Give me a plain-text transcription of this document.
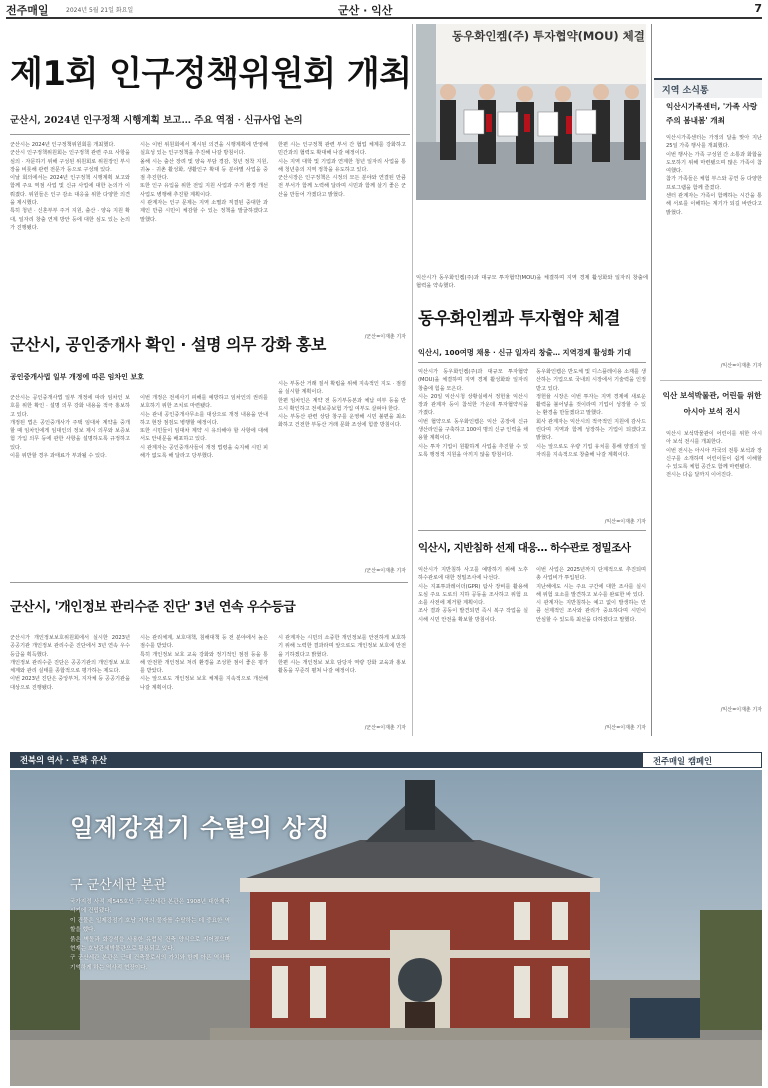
전주매일	2024년 5월 21일 화요일	군산 · 익산	7
제1회 인구정책위원회 개최
군산시, 2024년 인구정책 시행계획 보고… 주요 역점 · 신규사업 논의
군산시는 2024년 인구정책위원회를 개최했다.
군산시 인구정책위원회는 인구정책 관련 주요 사항을 심의 · 자문하기 위해 구성된 위원회로 위원장인 부시장을 비롯해 관련 전문가 등으로 구성돼 있다.
이날 회의에서는 2024년 인구정책 시행계획 보고와 함께 주요 역점 사업 및 신규 사업에 대한 논의가 이뤄졌다. 위원들은 인구 감소 대응을 위한 다양한 의견을 제시했다.
특히 청년 · 신혼부부 주거 지원, 출산 · 양육 지원 확대, 일자리 창출 연계 방안 등에 대한 심도 있는 논의가 진행됐다.
시는 이번 위원회에서 제시된 의견을 시행계획에 반영해 실효성 있는 인구정책을 추진해 나갈 방침이다.
올해 시는 출산 장려 및 양육 부담 경감, 청년 정착 지원, 귀농 · 귀촌 활성화, 생활인구 확대 등 분야별 사업을 중점 추진한다.
또한 인구 유입을 위한 전입 지원 사업과 주거 환경 개선 사업도 병행해 추진할 계획이다.
시 관계자는 인구 문제는 지역 소멸과 직결된 중대한 과제인 만큼 시민이 체감할 수 있는 정책을 발굴하겠다고 말했다.
한편 시는 인구정책 관련 부서 간 협업 체계를 강화하고 민간과의 협력도 확대해 나갈 예정이다.
시는 지역 대학 및 기업과 연계한 청년 일자리 사업을 통해 청년층의 지역 정착을 유도하고 있다.
군산시장은 인구정책은 시정의 모든 분야와 연결된 만큼 전 부서가 함께 노력해 달라며 시민과 함께 살기 좋은 군산을 만들어 가겠다고 밝혔다.
/군산=이재춘 기자
동우화인켐(주) 투자협약(MOU) 체결
익산시가 동우화인켐(주)과 대규모 투자협약(MOU)을 체결하며 지역 경제 활성화와 일자리 창출에 협력을 약속했다.
동우화인켐과 투자협약 체결
익산시, 100여명 채용 · 신규 일자리 창출… 지역경제 활성화 기대
익산시가 동우화인켐(주)과 대규모 투자협약(MOU)을 체결하며 지역 경제 활성화와 일자리 창출에 힘을 모은다.
시는 20일 익산시청 상황실에서 정헌율 익산시장과 관계자 등이 참석한 가운데 투자협약식을 가졌다.
이번 협약으로 동우화인켐은 익산 공장에 신규 생산라인을 구축하고 100여 명의 신규 인력을 채용할 계획이다.
시는 투자 기업이 원활하게 사업을 추진할 수 있도록 행정적 지원을 아끼지 않을 방침이다.
동우화인켐은 반도체 및 디스플레이용 소재를 생산하는 기업으로 국내외 시장에서 기술력을 인정받고 있다.
정헌율 시장은 이번 투자는 지역 경제에 새로운 활력을 불어넣을 것이라며 기업이 성장할 수 있는 환경을 만들겠다고 말했다.
회사 관계자는 익산시의 적극적인 지원에 감사드린다며 지역과 함께 성장하는 기업이 되겠다고 밝혔다.
시는 앞으로도 우량 기업 유치를 통해 양질의 일자리를 지속적으로 창출해 나갈 계획이다.
/익산=이재춘 기자
군산시, 공인중개사 확인 · 설명 의무 강화 홍보
공인중개사법 일부 개정에 따른 임차인 보호
군산시는 공인중개사법 일부 개정에 따라 임차인 보호를 위한 확인 · 설명 의무 강화 내용을 적극 홍보하고 있다.
개정된 법은 공인중개사가 주택 임대차 계약을 중개할 때 임차인에게 임대인의 정보 제시 의무와 보증보험 가입 의무 등에 관한 사항을 설명하도록 규정하고 있다.
이를 위반할 경우 과태료가 부과될 수 있다.
이번 개정은 전세사기 피해를 예방하고 임차인의 권리를 보호하기 위한 조치로 마련됐다.
시는 관내 공인중개사무소를 대상으로 개정 내용을 안내하고 현장 점검도 병행할 예정이다.
또한 시민들이 임대차 계약 시 유의해야 할 사항에 대해서도 안내문을 배포하고 있다.
시 관계자는 공인중개사들이 개정 법령을 숙지해 시민 피해가 없도록 해 달라고 당부했다.
시는 부동산 거래 질서 확립을 위해 지속적인 지도 · 점검을 실시할 계획이다.
한편 임차인은 계약 전 등기부등본과 체납 여부 등을 반드시 확인하고 전세보증보험 가입 여부도 살펴야 한다.
시는 부동산 관련 상담 창구를 운영해 시민 불편을 최소화하고 건전한 부동산 거래 문화 조성에 힘쓸 방침이다.
/군산=이재춘 기자
익산시, 지반침하 선제 대응… 하수관로 정밀조사
익산시가 지반침하 사고를 예방하기 위해 노후 하수관로에 대한 정밀조사에 나선다.
시는 지표투과레이더(GPR) 탐사 장비를 활용해 도심 주요 도로의 지하 공동을 조사하고 위험 요소를 사전에 제거할 계획이다.
조사 결과 공동이 발견되면 즉시 복구 작업을 실시해 시민 안전을 확보할 방침이다.
이번 사업은 2025년까지 단계적으로 추진되며 총 사업비가 투입된다.
지난해에도 시는 주요 구간에 대한 조사를 실시해 위험 요소를 발견하고 보수를 완료한 바 있다.
시 관계자는 지반침하는 예고 없이 발생하는 만큼 선제적인 조사와 관리가 중요하다며 시민이 안심할 수 있도록 최선을 다하겠다고 말했다.
/익산=이재춘 기자
군산시, '개인정보 관리수준 진단' 3년 연속 우수등급
군산시가 개인정보보호위원회에서 실시한 2023년 공공기관 개인정보 관리수준 진단에서 3년 연속 우수등급을 획득했다.
개인정보 관리수준 진단은 공공기관의 개인정보 보호 체계와 관리 실태를 종합적으로 평가하는 제도다.
이번 2023년 진단은 중앙부처, 지자체 등 공공기관을 대상으로 진행됐다.
시는 관리체계, 보호대책, 침해대책 등 전 분야에서 높은 점수를 받았다.
특히 개인정보 보호 교육 강화와 정기적인 점검 등을 통해 안전한 개인정보 처리 환경을 조성한 점이 좋은 평가를 받았다.
시는 앞으로도 개인정보 보호 체계를 지속적으로 개선해 나갈 계획이다.
시 관계자는 시민의 소중한 개인정보를 안전하게 보호하기 위해 노력한 결과라며 앞으로도 개인정보 보호에 만전을 기하겠다고 밝혔다.
한편 시는 개인정보 보호 담당자 역량 강화 교육과 홍보 활동을 꾸준히 펼쳐 나갈 예정이다.
/군산=이재춘 기자
지역 소식통
익산시가족센터, '가족 사랑주의 봄내봄' 개최
익산시가족센터는 가정의 달을 맞아 지난 25일 가족 행사를 개최했다.
이번 행사는 가족 구성원 간 소통과 화합을 도모하기 위해 마련됐으며 많은 가족이 참여했다.
참가 가족들은 체험 부스와 공연 등 다양한 프로그램을 함께 즐겼다.
센터 관계자는 가족이 함께하는 시간을 통해 서로를 이해하는 계기가 되길 바란다고 밝혔다.
/익산=이재춘 기자
익산 보석박물관, 어린들 위한 아시아 보석 전시
익산시 보석박물관이 어린이를 위한 아시아 보석 전시를 개최한다.
이번 전시는 아시아 각국의 전통 보석과 장신구를 소개하며 어린이들이 쉽게 이해할 수 있도록 체험 공간도 함께 마련됐다.
전시는 다음 달까지 이어진다.
/익산=이재춘 기자
전북의 역사 · 문화 유산	전주매일 캠페인
일제강점기 수탈의 상징
구 군산세관 본관
국가지정 사적 제545호인 구 군산세관 본관은 1908년 대한제국 시기에 건립됐다.
이 건물은 일제강점기 호남 지역의 물자를 수탈하는 데 중요한 역할을 했다.
붉은 벽돌과 화강석을 사용한 유럽식 건축 양식으로 지어졌으며 현재는 호남관세박물관으로 활용되고 있다.
구 군산세관 본관은 근대 건축물로서의 가치와 함께 아픈 역사를 기억하게 하는 역사적 현장이다.
